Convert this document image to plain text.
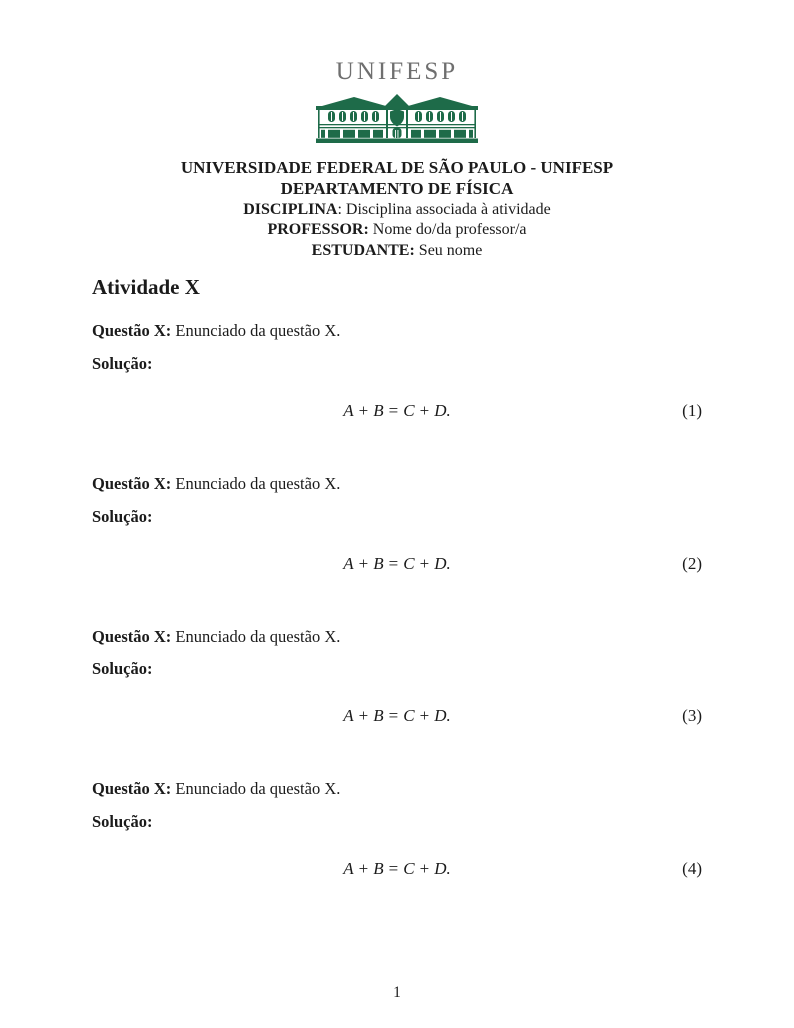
UNIFESP
UNIVERSIDADE FEDERAL DE SÃO PAULO - UNIFESP
DEPARTAMENTO DE FÍSICA
DISCIPLINA: Disciplina associada à atividade
PROFESSOR: Nome do/da professor/a
ESTUDANTE: Seu nome
Atividade X

Questão X: Enunciado da questão X.

Solução:

A + B = C + D.	(1)

Questão X: Enunciado da questão X.

Solução:

A + B = C + D.	(2)

Questão X: Enunciado da questão X.

Solução:

A + B = C + D.	(3)

Questão X: Enunciado da questão X.

Solução:

A + B = C + D.	(4)
1
